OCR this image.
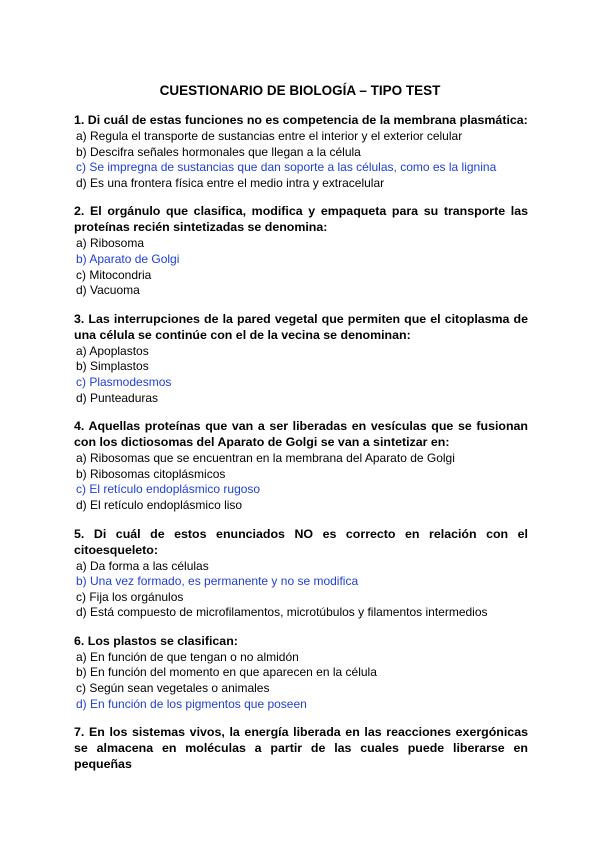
CUESTIONARIO DE BIOLOGÍA – TIPO TEST
1. Di cuál de estas funciones no es competencia de la membrana plasmática:
a) Regula el transporte de sustancias entre el interior y el exterior celular
b) Descifra señales hormonales que llegan a la célula
c) Se impregna de sustancias que dan soporte a las células, como es la lignina
d) Es una frontera física entre el medio intra y extracelular
2. El orgánulo que clasifica, modifica y empaqueta para su transporte las proteínas recién sintetizadas se denomina:
a) Ribosoma
b) Aparato de Golgi
c) Mitocondria
d) Vacuoma
3. Las interrupciones de la pared vegetal que permiten que el citoplasma de una célula se continúe con el de la vecina se denominan:
a) Apoplastos
b) Simplastos
c) Plasmodesmos
d) Punteaduras
4. Aquellas proteínas que van a ser liberadas en vesículas que se fusionan con los dictiosomas del Aparato de Golgi se van a sintetizar en:
a) Ribosomas que se encuentran en la membrana del Aparato de Golgi
b) Ribosomas citoplásmicos
c) El retículo endoplásmico rugoso
d) El retículo endoplásmico liso
5. Di cuál de estos enunciados NO es correcto en relación con el citoesqueleto:
a) Da forma a las células
b) Una vez formado, es permanente y no se modifica
c) Fija los orgánulos
d) Está compuesto de microfilamentos, microtúbulos y filamentos intermedios
6. Los plastos se clasifican:
a) En función de que tengan o no almidón
b) En función del momento en que aparecen en la célula
c) Según sean vegetales o animales
d) En función de los pigmentos que poseen
7. En los sistemas vivos, la energía liberada en las reacciones exergónicas se almacena en moléculas a partir de las cuales puede liberarse en pequeñas
